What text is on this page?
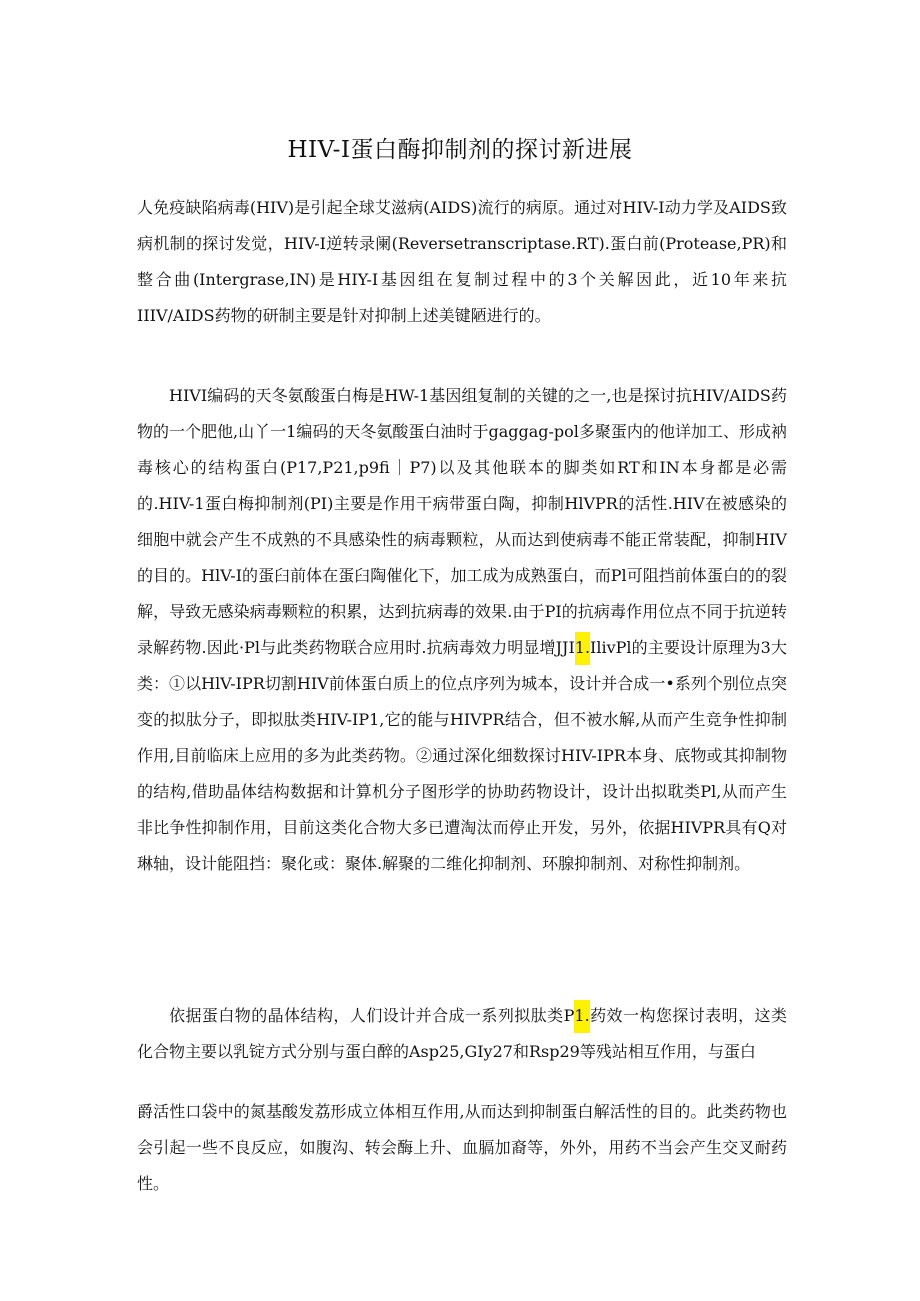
HIV-I蛋白酶抑制剂的探讨新进展

人免疫缺陷病毒(HIV)是引起全球艾滋病(AIDS)流行的病原。通过对HIV-I动力学及AIDS致病机制的探讨发觉，HIV-I逆转录阑(Reversetranscriptase.RT).蛋白前(Protease,PR)和整合曲(Intergrase,IN)是HIY-I基因组在复制过程中的3个关解因此，近10年来抗IIIV/AIDS药物的研制主要是针对抑制上述美键陋进行的。

HIVI编码的天冬氨酸蛋白梅是HW-1基因组复制的关键的之一,也是探讨抗HIV/AIDS药物的一个肥他,山丫一1编码的天冬氨酸蛋白油时于gaggag-pol多聚蛋内的他详加工、形成衲毒核心的结构蛋白(P17,P21,p9fi｜P7)以及其他联本的脚类如RT和IN本身都是必需的.HIV-1蛋白梅抑制剂(PI)主要是作用干病带蛋白陶，抑制HlVPR的活性.HIV在被感染的细胞中就会产生不成熟的不具感染性的病毒颗粒，从而达到使病毒不能正常装配，抑制HIV的目的。HlV-I的蛋臼前体在蛋臼陶催化下，加工成为成熟蛋白，而Pl可阻挡前体蛋白的的裂解，导致无感染病毒颗粒的积累，达到抗病毒的效果.由于PI的抗病毒作用位点不同于抗逆转录解药物.因此·Pl与此类药物联合应用时.抗病毒效力明显增JJI1.IlivPl的主要设计原理为3大类：①以HlV-IPR切割HIV前体蛋白质上的位点序列为城本，设计并合成一•系列个别位点突变的拟肽分子，即拟肽类HIV-IP1,它的能与HIVPR结合，但不被水解,从而产生竞争性抑制作用,目前临床上应用的多为此类药物。②通过深化细数探讨HIV-IPR本身、底物或其抑制物的结构,借助晶体结构数据和计算机分子图形学的协助药物设计，设计出拟耽类Pl,从而产生非比争性抑制作用，目前这类化合物大多已遭淘汰而停止开发，另外，依据HIVPR具有Q对琳轴，设计能阻挡：聚化或：聚体.解聚的二维化抑制剂、环腺抑制剂、对称性抑制剂。

依据蛋白物的晶体结构，人们设计并合成一系列拟肽类P1.药效一构您探讨表明，这类化合物主要以乳锭方式分别与蛋白醉的Asp25,GIy27和Rsp29等残站相互作用，与蛋白

爵活性口袋中的氮基酸发荔形成立体相互作用,从而达到抑制蛋白解活性的目的。此类药物也会引起一些不良反应，如腹沟、转会酶上升、血膈加裔等，外外，用药不当会产生交叉耐药性。
